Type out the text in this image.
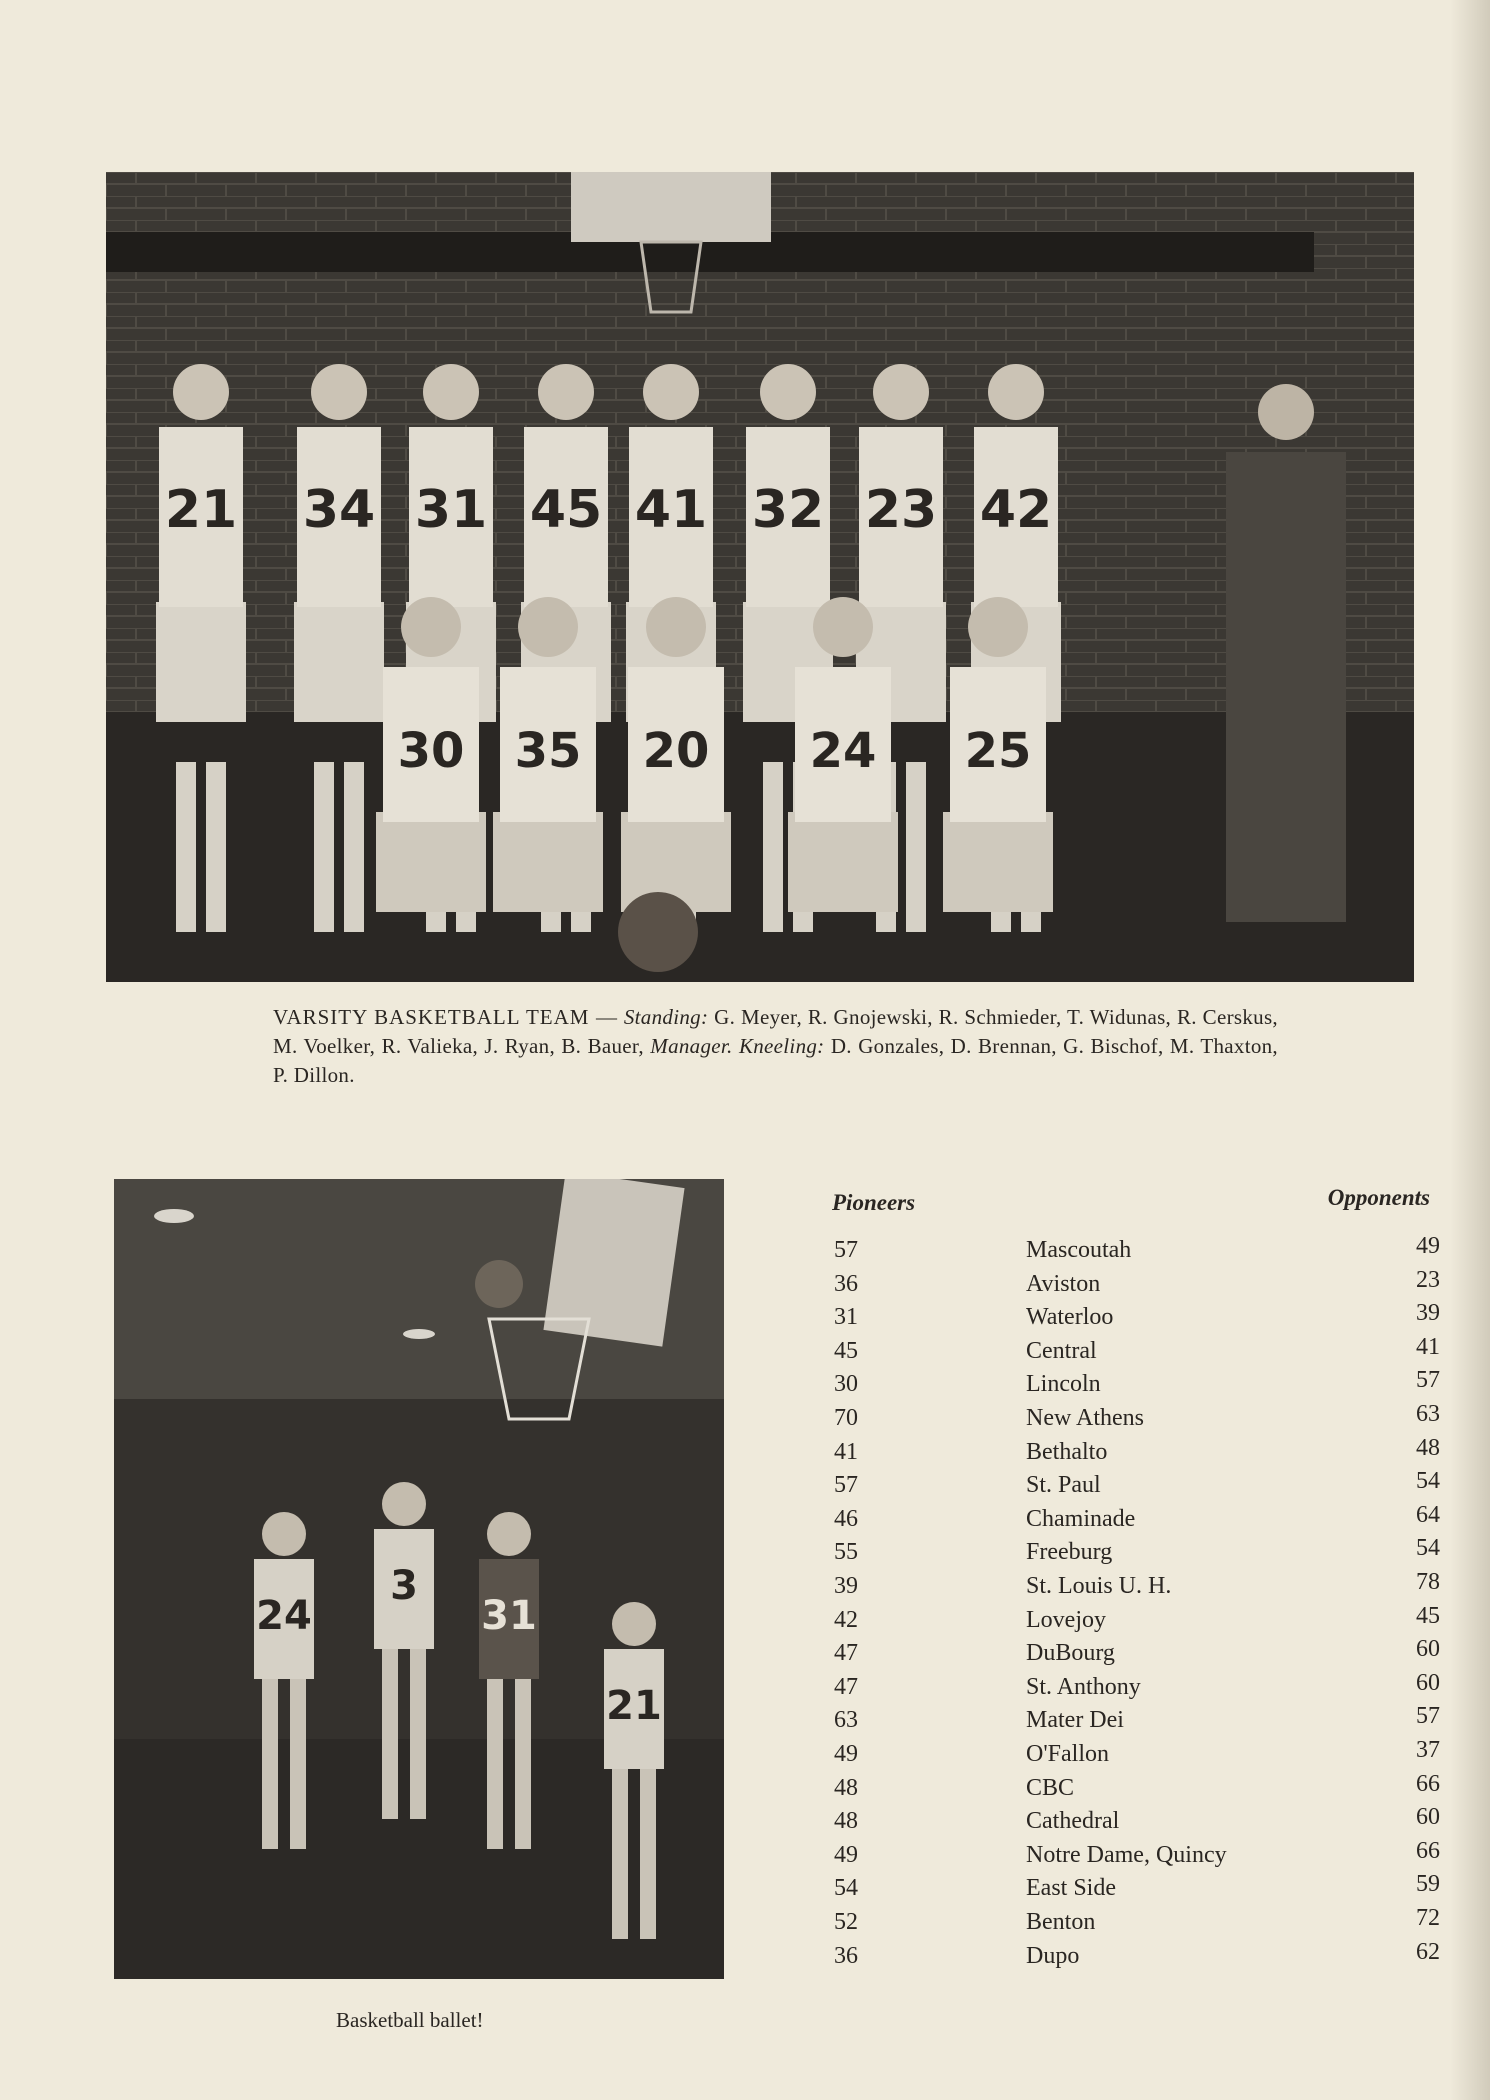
21 34 31 45 41 32 23 42
30 35 20 24 25
VARSITY BASKETBALL TEAM — Standing: G. Meyer, R. Gnojewski, R. Schmieder, T. Widunas, R. Cerskus, M. Voelker, R. Valieka, J. Ryan, B. Bauer, Manager. Kneeling: D. Gonzales, D. Brennan, G. Bischof, M. Thaxton, P. Dillon.
24	31
21
3
Basketball ballet!
Pioneers	Opponents
57	Mascoutah	49
36	Aviston	23
31	Waterloo	39
45	Central	41
30	Lincoln	57
70	New Athens	63
41	Bethalto	48
57	St. Paul	54
46	Chaminade	64
55	Freeburg	54
39	St. Louis U. H.	78
42	Lovejoy	45
47	DuBourg	60
47	St. Anthony	60
63	Mater Dei	57
49	O'Fallon	37
48	CBC	66
48	Cathedral	60
49	Notre Dame, Quincy	66
54	East Side	59
52	Benton	72
36	Dupo	62
